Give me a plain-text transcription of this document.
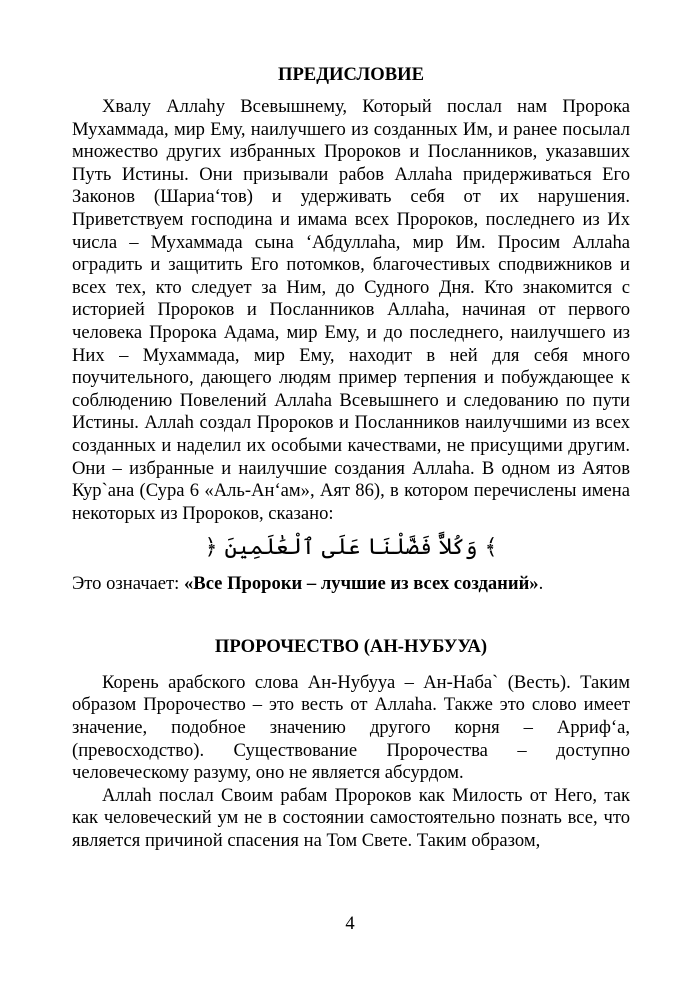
ПРЕДИСЛОВИЕ

Хвалу Аллаhу Всевышнему, Который послал нам Пророка Мухаммада, мир Ему, наилучшего из созданных Им, и ранее посылал множество других избранных Пророков и Посланников, указавших Путь Истины. Они призывали рабов Аллаhа придерживаться Его Законов (Шариа‘тов) и удерживать себя от их нарушения. Приветствуем господина и имама всех Пророков, последнего из Их числа – Мухаммада сына ‘Абдуллаhа, мир Им. Просим Аллаhа оградить и защитить Его потомков, благочестивых сподвижников и всех тех, кто следует за Ним, до Судного Дня. Кто знакомится с историей Пророков и Посланников Аллаhа, начиная от первого человека Пророка Адама, мир Ему, и до последнего, наилучшего из Них – Мухаммада, мир Ему, находит в ней для себя много поучительного, дающего людям пример терпения и побуждающее к соблюдению Повелений Аллаhа Всевышнего и следованию по пути Истины. Аллаh создал Пророков и Посланников наилучшими из всех созданных и наделил их особыми качествами, не присущими другим. Они – избранные и наилучшие создания Аллаhа. В одном из Аятов Кур`ана (Сура 6 «Аль-Ан‘ам», Аят 86), в котором перечислены имена некоторых из Пророков, сказано:

﴾ وَكُلاًّ فَضَّلْنَا عَلَى ٱلْعَٰلَمِينَ ﴿

Это означает: «Все Пророки – лучшие из всех созданий».

ПРОРОЧЕСТВО (АН-НУБУУА)

Корень арабского слова Ан-Нубууа – Ан-Наба` (Весть). Таким образом Пророчество – это весть от Аллаhа. Также это слово имеет значение, подобное значению другого корня – Арриф‘а, (превосходство). Существование Пророчества – доступно человеческому разуму, оно не является абсурдом.

Аллаh послал Своим рабам Пророков как Милость от Него, так как человеческий ум не в состоянии самостоятельно познать все, что является причиной спасения на Том Свете. Таким образом,

4
